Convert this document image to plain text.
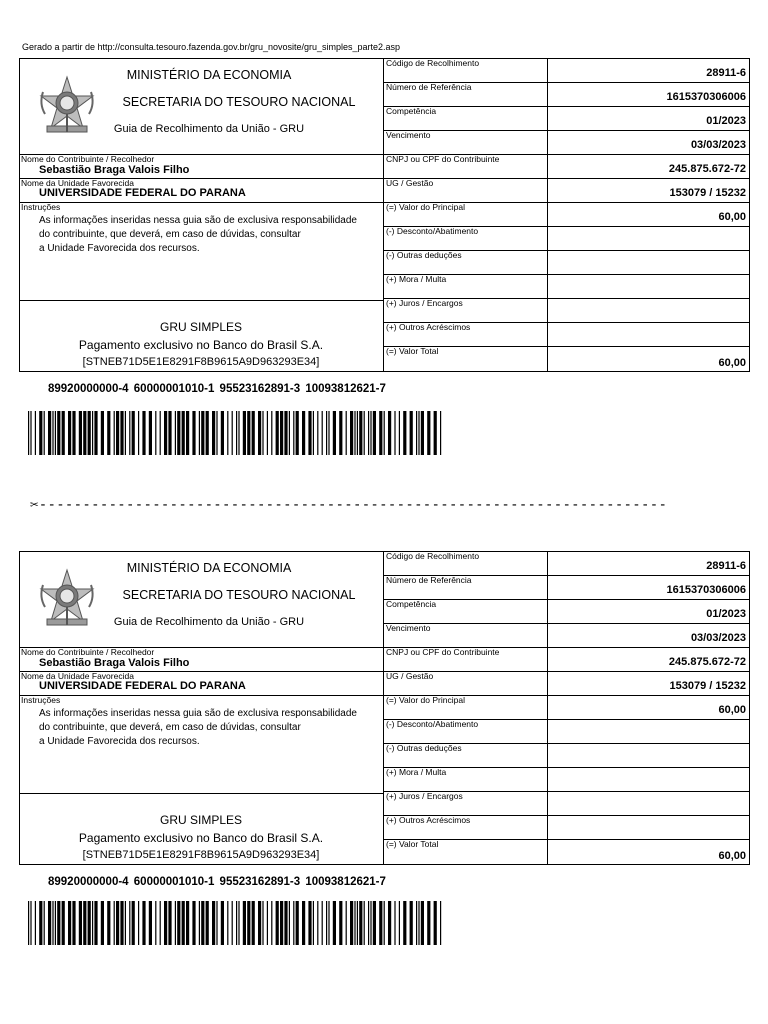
Gerado a partir de http://consulta.tesouro.fazenda.gov.br/gru_novosite/gru_simples_parte2.asp
MINISTÉRIO DA ECONOMIA
SECRETARIA DO TESOURO NACIONAL
Guia de Recolhimento da União - GRU
Nome do Contribuinte / Recolhedor
Sebastião Braga Valois Filho
Nome da Unidade Favorecida
UNIVERSIDADE FEDERAL DO PARANA
Instruções
As informações inseridas nessa guia são de exclusiva responsabilidade
do contribuinte, que deverá, em caso de dúvidas, consultar
a Unidade Favorecida dos recursos.
GRU SIMPLES
Pagamento exclusivo no Banco do Brasil S.A.
[STNEB71D5E1E8291F8B9615A9D963293E34]
Código de Recolhimento
28911-6
Número de Referência
1615370306006
Competência
01/2023
Vencimento
03/03/2023
CNPJ ou CPF do Contribuinte
245.875.672-72
UG / Gestão
153079 / 15232
(=) Valor do Principal
60,00
(-) Desconto/Abatimento
(-) Outras deduções
(+) Mora / Multa
(+) Juros / Encargos
(+) Outros Acréscimos
(=) Valor Total
60,00
MINISTÉRIO DA ECONOMIA
SECRETARIA DO TESOURO NACIONAL
Guia de Recolhimento da União - GRU
Nome do Contribuinte / Recolhedor
Sebastião Braga Valois Filho
Nome da Unidade Favorecida
UNIVERSIDADE FEDERAL DO PARANA
Instruções
As informações inseridas nessa guia são de exclusiva responsabilidade
do contribuinte, que deverá, em caso de dúvidas, consultar
a Unidade Favorecida dos recursos.
GRU SIMPLES
Pagamento exclusivo no Banco do Brasil S.A.
[STNEB71D5E1E8291F8B9615A9D963293E34]
Código de Recolhimento
28911-6
Número de Referência
1615370306006
Competência
01/2023
Vencimento
03/03/2023
CNPJ ou CPF do Contribuinte
245.875.672-72
UG / Gestão
153079 / 15232
(=) Valor do Principal
60,00
(-) Desconto/Abatimento
(-) Outras deduções
(+) Mora / Multa
(+) Juros / Encargos
(+) Outros Acréscimos
(=) Valor Total
60,00
89920000000-4 60000001010-1 95523162891-3 10093812621-7
✂------------------------------------------------------------------------
89920000000-4 60000001010-1 95523162891-3 10093812621-7
